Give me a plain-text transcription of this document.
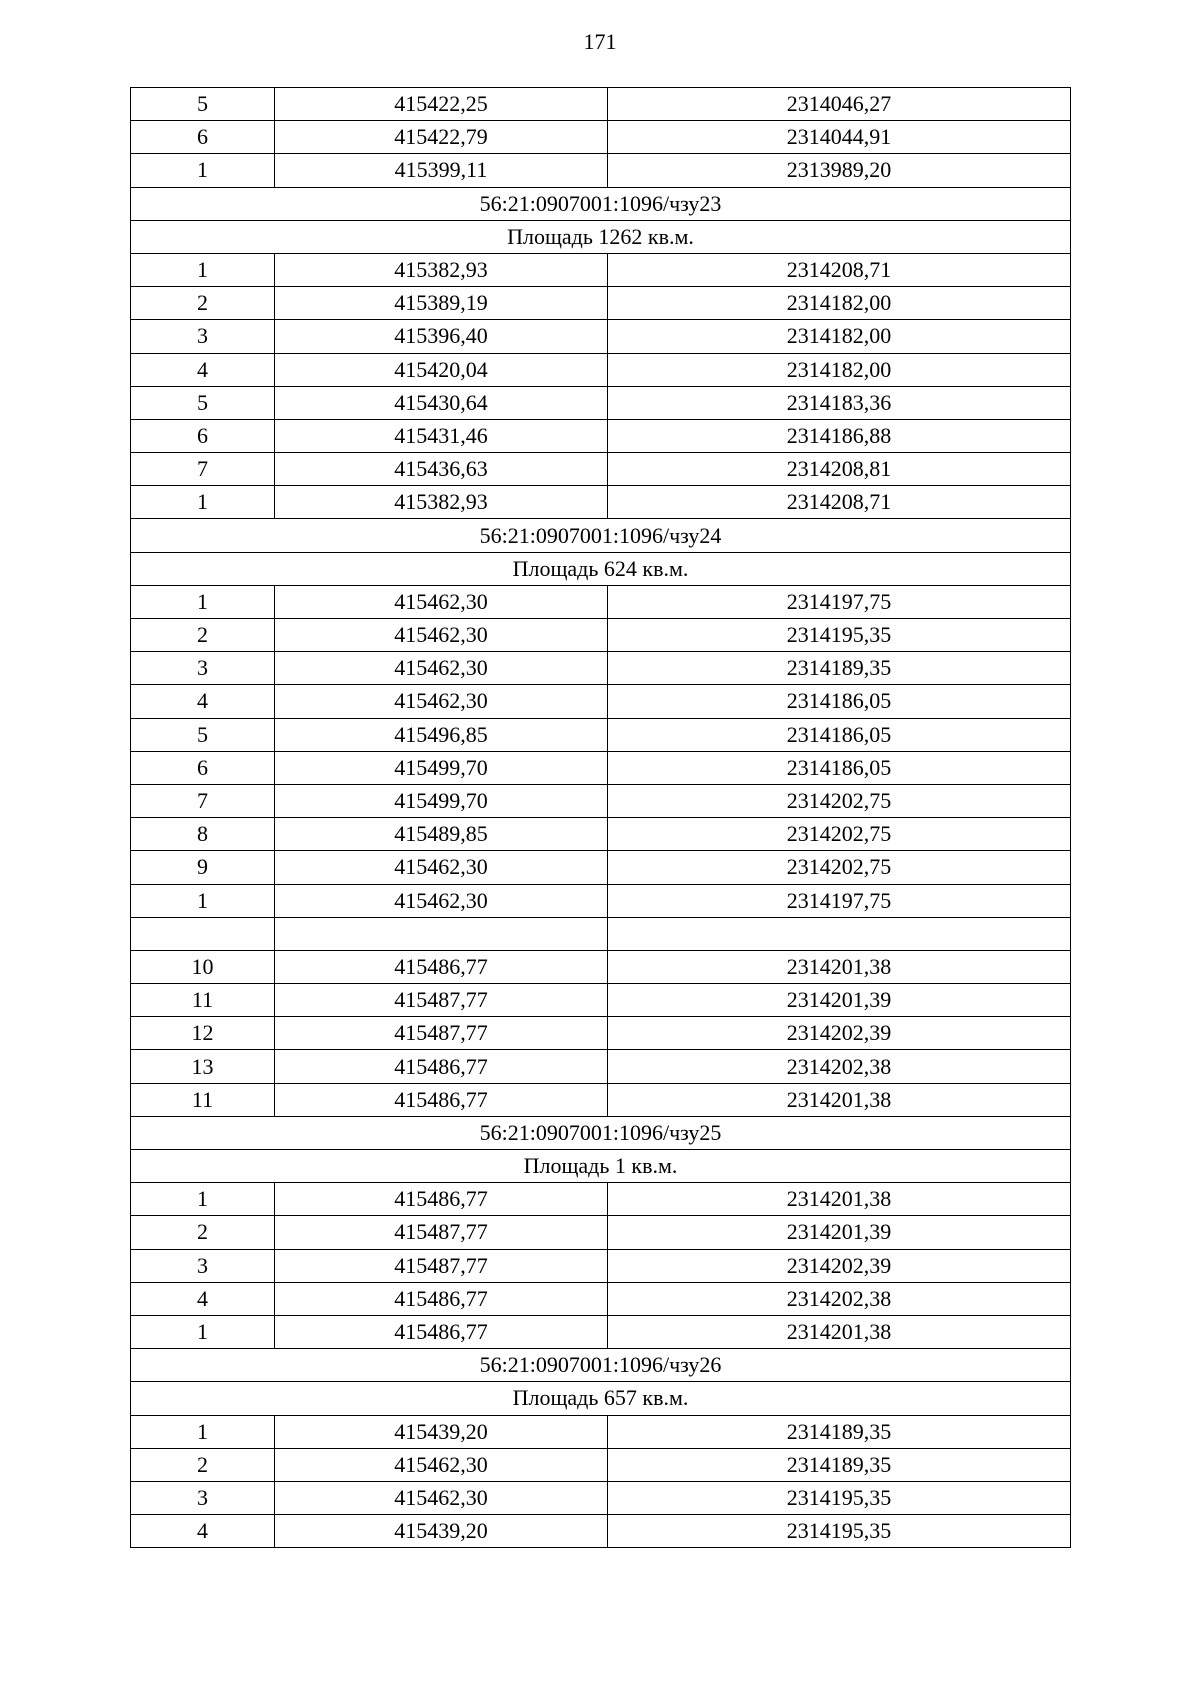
171
5	415422,25	2314046,27
6	415422,79	2314044,91
1	415399,11	2313989,20
56:21:0907001:1096/чзу23		
Площадь 1262 кв.м.		
1	415382,93	2314208,71
2	415389,19	2314182,00
3	415396,40	2314182,00
4	415420,04	2314182,00
5	415430,64	2314183,36
6	415431,46	2314186,88
7	415436,63	2314208,81
1	415382,93	2314208,71
56:21:0907001:1096/чзу24		
Площадь 624 кв.м.		
1	415462,30	2314197,75
2	415462,30	2314195,35
3	415462,30	2314189,35
4	415462,30	2314186,05
5	415496,85	2314186,05
6	415499,70	2314186,05
7	415499,70	2314202,75
8	415489,85	2314202,75
9	415462,30	2314202,75
1	415462,30	2314197,75

10	415486,77	2314201,38
11	415487,77	2314201,39
12	415487,77	2314202,39
13	415486,77	2314202,38
11	415486,77	2314201,38
56:21:0907001:1096/чзу25		
Площадь 1 кв.м.		
1	415486,77	2314201,38
2	415487,77	2314201,39
3	415487,77	2314202,39
4	415486,77	2314202,38
1	415486,77	2314201,38
56:21:0907001:1096/чзу26		
Площадь 657 кв.м.		
1	415439,20	2314189,35
2	415462,30	2314189,35
3	415462,30	2314195,35
4	415439,20	2314195,35
